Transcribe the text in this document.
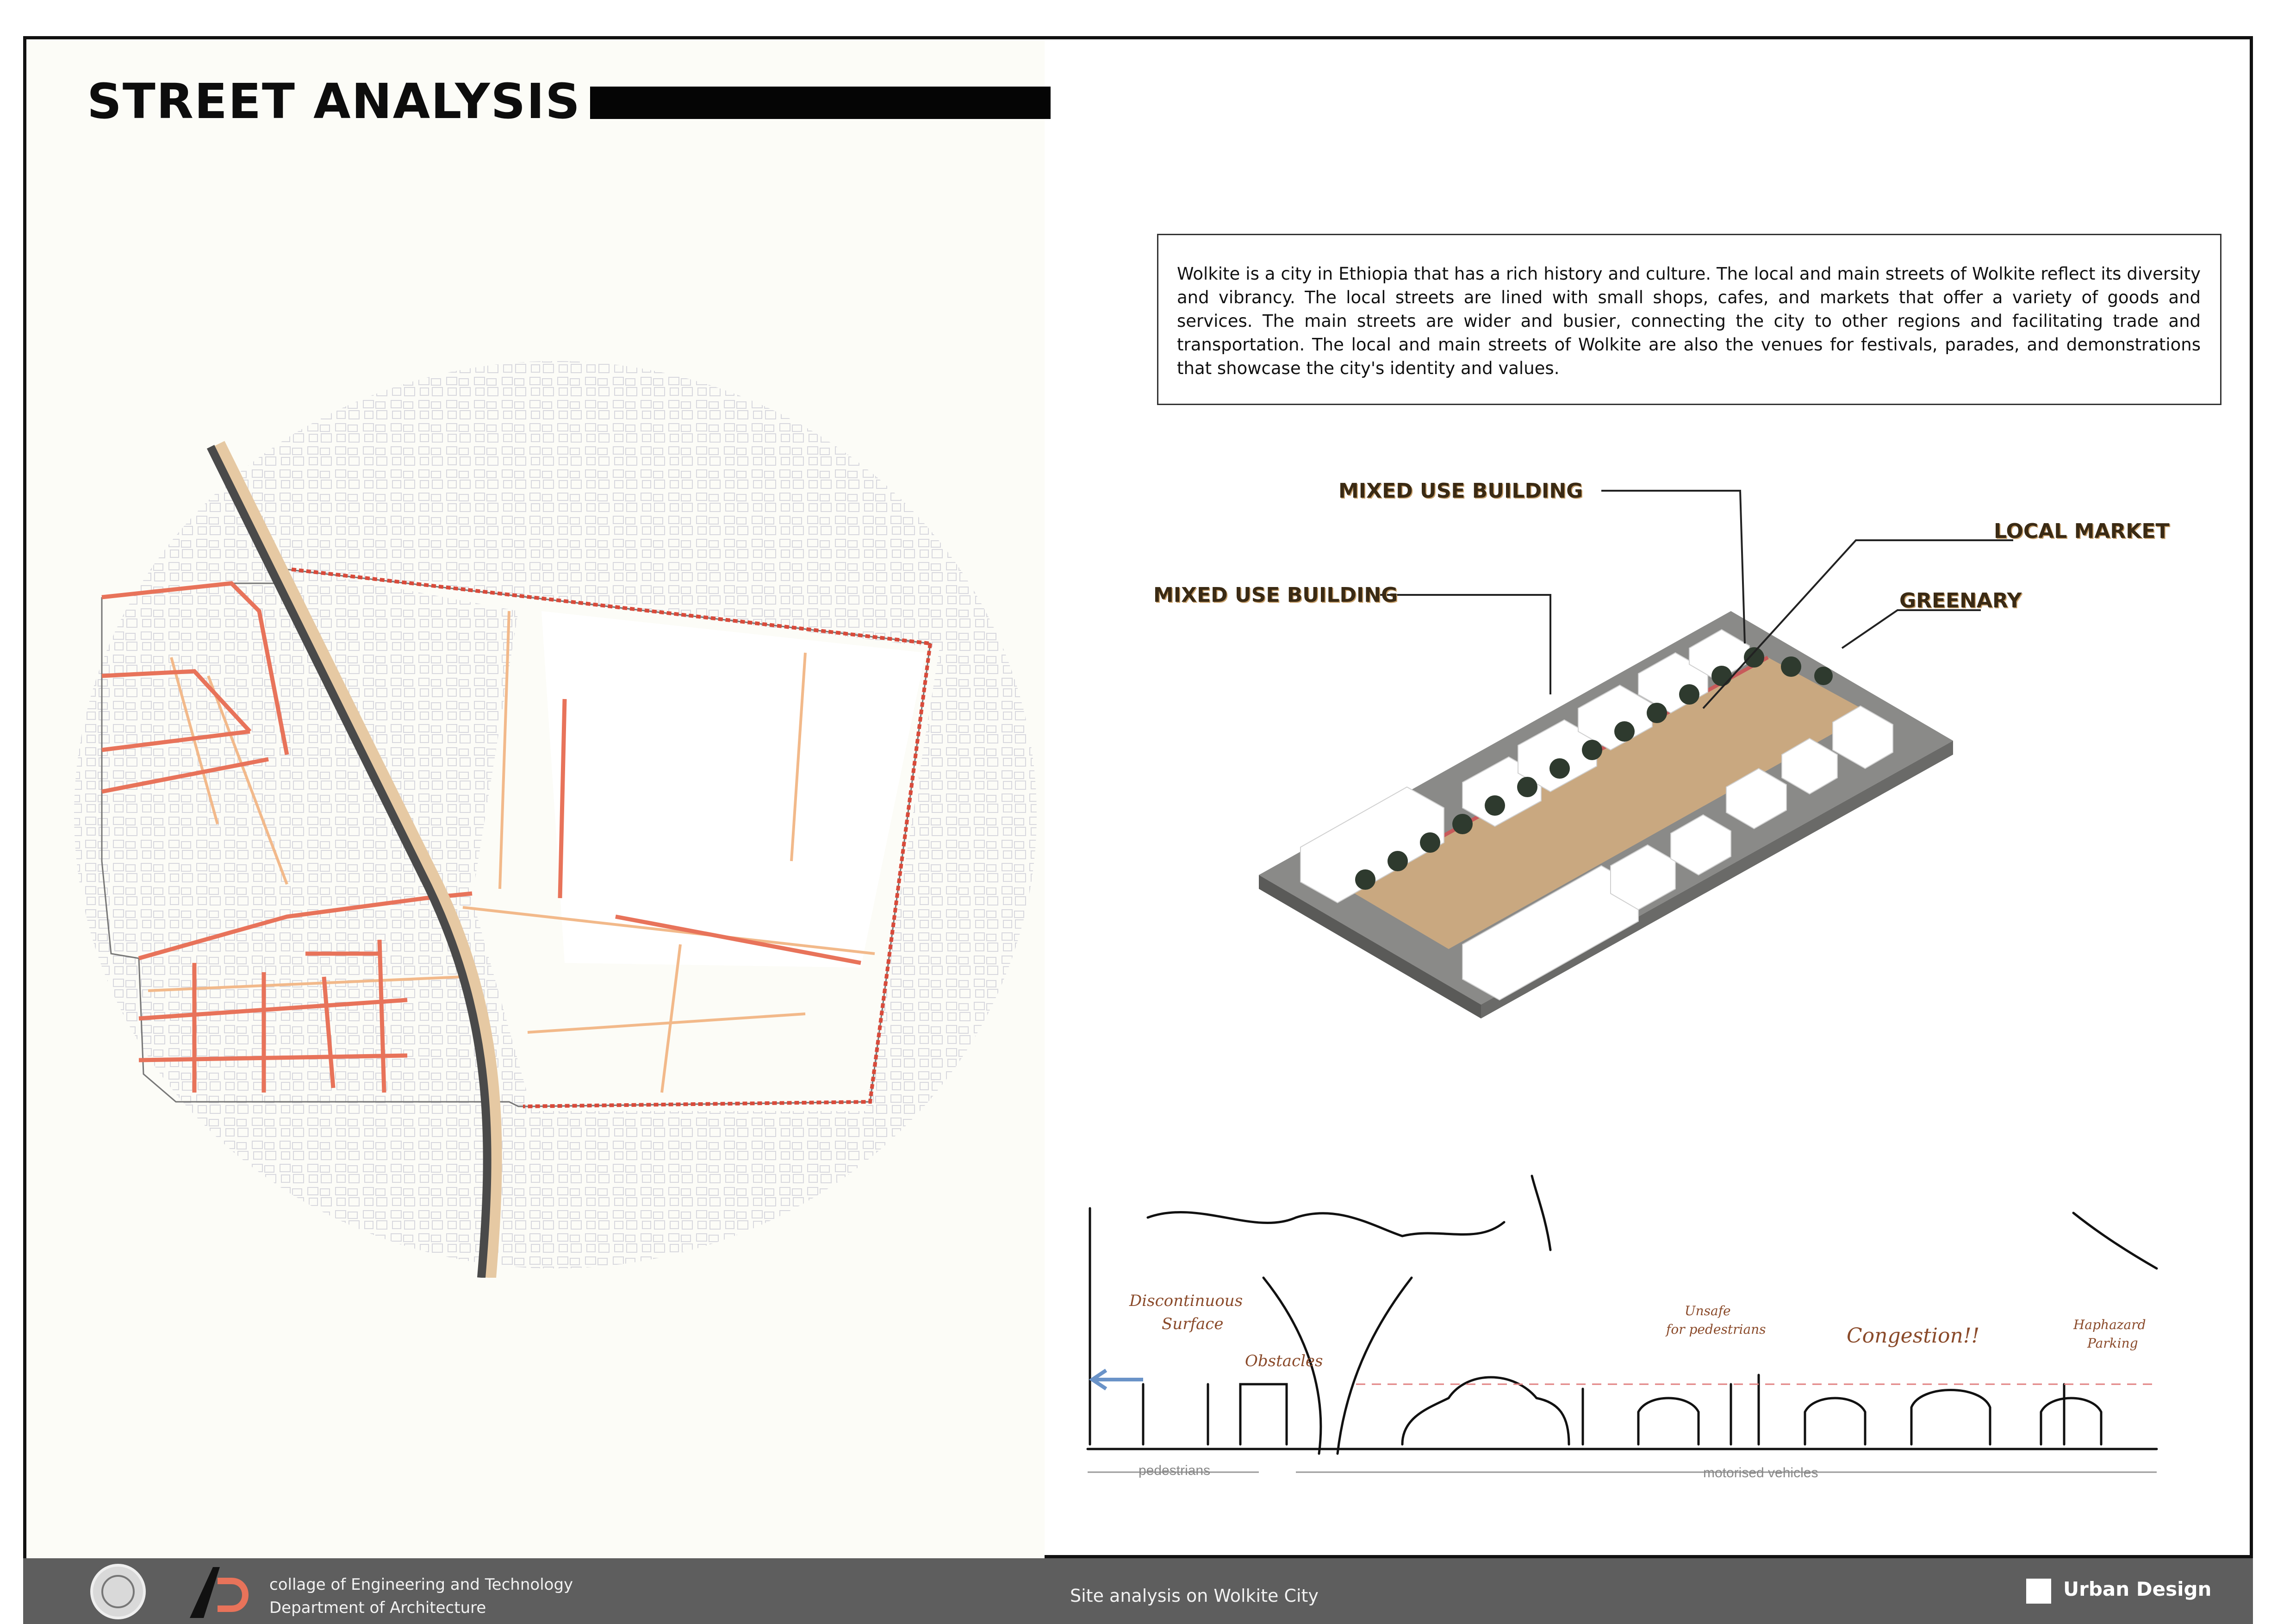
STREET ANALYSIS
Wolkite is a city in Ethiopia that has a rich history and culture. The local and main streets of Wolkite reflect its diversity and vibrancy. The local streets are lined with small shops, cafes, and markets that offer a variety of goods and services. The main streets are wider and busier, connecting the city to other regions and facilitating trade and transportation. The local and main streets of Wolkite are also the venues for festivals, parades, and demonstrations that showcase the city's identity and values.
MIXED USE BUILDING
MIXED USE BUILDING
LOCAL MARKET
GREENARY
Discontinuous
Surface
Obstacles
Unsafe
for pedestrians	Congestion!!	Haphazard
Parking
pedestrians	motorised vehicles
collage of Engineering and Technology
Department of Architecture
Site analysis on Wolkite City	Urban Design
